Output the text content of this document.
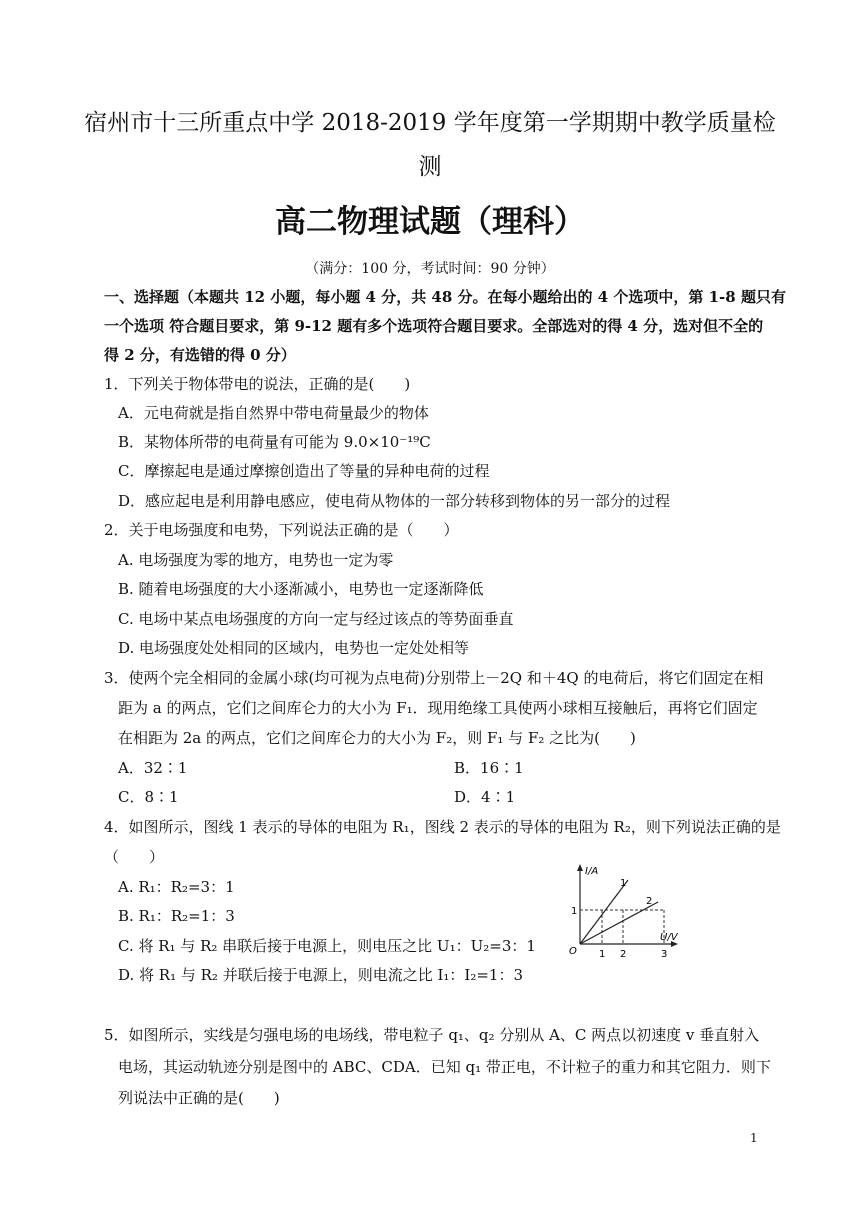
宿州市十三所重点中学 2018-2019 学年度第一学期期中教学质量检
测
高二物理试题（理科）
（满分：100 分，考试时间：90 分钟）
一、选择题（本题共 12 小题，每小题 4 分，共 48 分。在每小题给出的 4 个选项中，第 1-8 题只有
一个选项 符合题目要求，第 9-12 题有多个选项符合题目要求。全部选对的得 4 分，选对但不全的
得 2 分，有选错的得 0 分）
1．下列关于物体带电的说法，正确的是(　　)
A．元电荷就是指自然界中带电荷量最少的物体
B．某物体所带的电荷量有可能为 9.0×10⁻¹⁹C
C．摩擦起电是通过摩擦创造出了等量的异种电荷的过程
D．感应起电是利用静电感应，使电荷从物体的一部分转移到物体的另一部分的过程
2．关于电场强度和电势，下列说法正确的是（　　）
A. 电场强度为零的地方，电势也一定为零
B. 随着电场强度的大小逐渐减小，电势也一定逐渐降低
C. 电场中某点电场强度的方向一定与经过该点的等势面垂直
D. 电场强度处处相同的区域内，电势也一定处处相等
3．使两个完全相同的金属小球(均可视为点电荷)分别带上－2Q 和＋4Q 的电荷后，将它们固定在相
距为 a 的两点，它们之间库仑力的大小为 F₁．现用绝缘工具使两小球相互接触后，再将它们固定
在相距为 2a 的两点，它们之间库仑力的大小为 F₂，则 F₁ 与 F₂ 之比为(　　)
A．32∶1	B．16∶1
C．8∶1	D．4∶1
4．如图所示，图线 1 表示的导体的电阻为 R₁，图线 2 表示的导体的电阻为 R₂，则下列说法正确的是
（　　）
A. R₁：R₂=3：1
B. R₁：R₂=1：3
C. 将 R₁ 与 R₂ 串联后接于电源上，则电压之比 U₁：U₂=3：1
D. 将 R₁ 与 R₂ 并联后接于电源上，则电流之比 I₁：I₂=1：3
I/A
U/V
O
1
1 2	3
1
2
5．如图所示，实线是匀强电场的电场线，带电粒子 q₁、q₂ 分别从 A、C 两点以初速度 v 垂直射入
电场，其运动轨迹分别是图中的 ABC、CDA．已知 q₁ 带正电，不计粒子的重力和其它阻力．则下
列说法中正确的是(　　)
1
